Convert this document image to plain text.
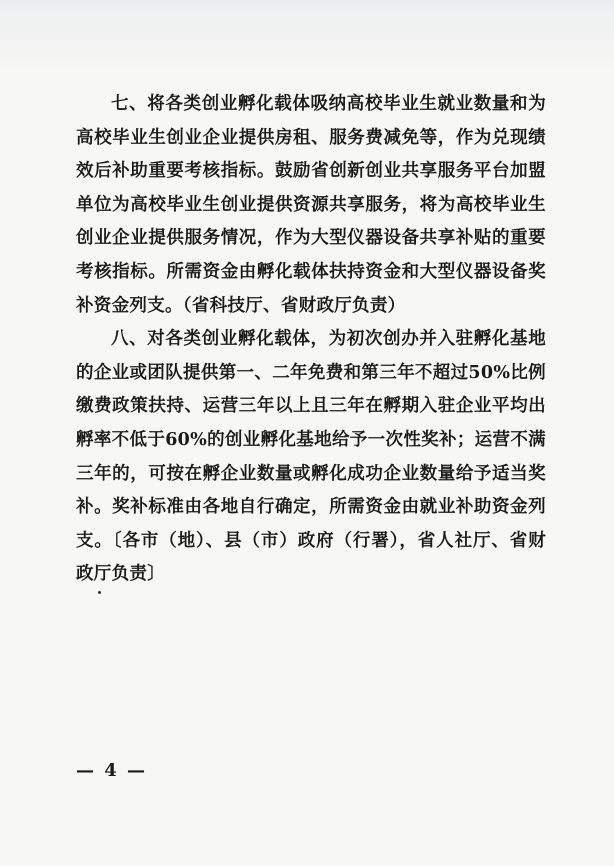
七、将各类创业孵化载体吸纳高校毕业生就业数量和为高校毕业生创业企业提供房租、服务费减免等，作为兑现绩效后补助重要考核指标。鼓励省创新创业共享服务平台加盟单位为高校毕业生创业提供资源共享服务，将为高校毕业生创业企业提供服务情况，作为大型仪器设备共享补贴的重要考核指标。所需资金由孵化载体扶持资金和大型仪器设备奖补资金列支。（省科技厅、省财政厅负责）

八、对各类创业孵化载体，为初次创办并入驻孵化基地的企业或团队提供第一、二年免费和第三年不超过50%比例缴费政策扶持、运营三年以上且三年在孵期入驻企业平均出孵率不低于60%的创业孵化基地给予一次性奖补；运营不满三年的，可按在孵企业数量或孵化成功企业数量给予适当奖补。奖补标准由各地自行确定，所需资金由就业补助资金列支。〔各市（地）、县（市）政府（行署），省人社厅、省财政厅负责〕

— 4 —
